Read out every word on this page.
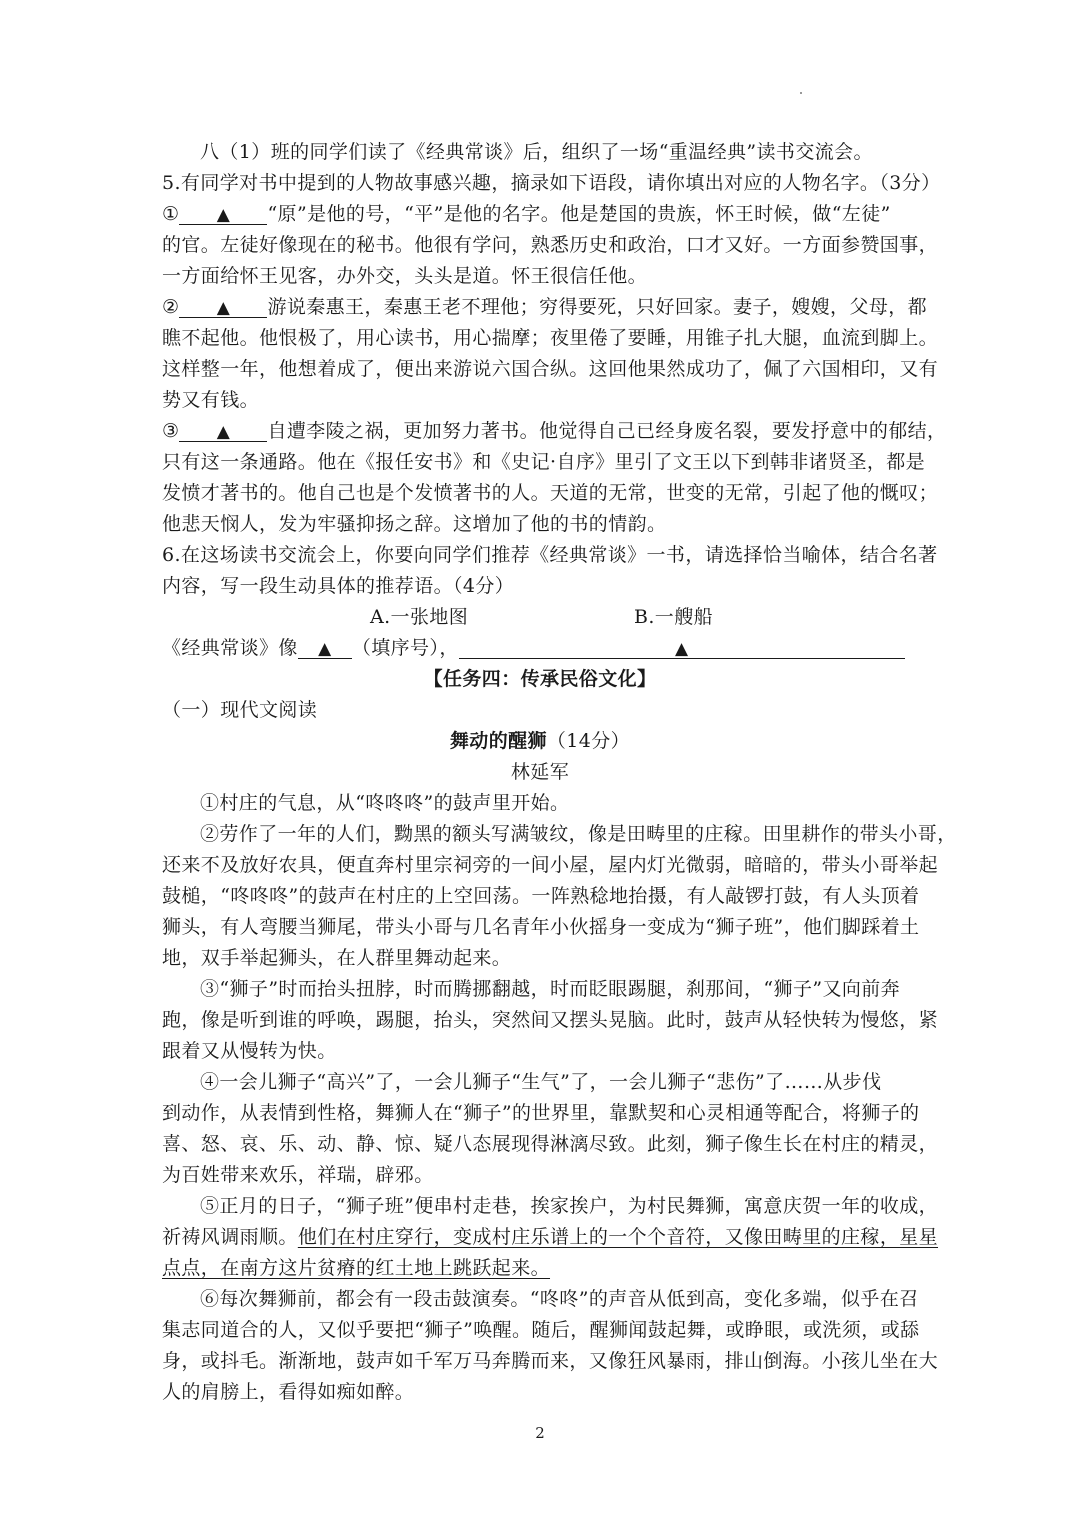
八（1）班的同学们读了《经典常谈》后，组织了一场“重温经典”读书交流会。
5.有同学对书中提到的人物故事感兴趣，摘录如下语段，请你填出对应的人物名字。（3分）
① ▲ “原”是他的号，“平”是他的名字。他是楚国的贵族，怀王时候，做“左徒”
的官。左徒好像现在的秘书。他很有学问，熟悉历史和政治，口才又好。一方面参赞国事，
一方面给怀王见客，办外交，头头是道。怀王很信任他。
② ▲ 游说秦惠王，秦惠王老不理他；穷得要死，只好回家。妻子，嫂嫂，父母，都
瞧不起他。他恨极了，用心读书，用心揣摩；夜里倦了要睡，用锥子扎大腿，血流到脚上。
这样整一年，他想着成了，便出来游说六国合纵。这回他果然成功了，佩了六国相印，又有
势又有钱。
③ ▲ 自遭李陵之祸，更加努力著书。他觉得自己已经身废名裂，要发抒意中的郁结，
只有这一条通路。他在《报任安书》和《史记·自序》里引了文王以下到韩非诸贤圣，都是
发愤才著书的。他自己也是个发愤著书的人。天道的无常，世变的无常，引起了他的慨叹；
他悲天悯人，发为牢骚抑扬之辞。这增加了他的书的情韵。
6.在这场读书交流会上，你要向同学们推荐《经典常谈》一书，请选择恰当喻体，结合名著
内容，写一段生动具体的推荐语。（4分）
A.一张地图	B.一艘船
《经典常谈》像 ▲ （填序号），	▲
【任务四：传承民俗文化】
（一）现代文阅读
舞动的醒狮（14分）
林延军
①村庄的气息，从“咚咚咚”的鼓声里开始。
②劳作了一年的人们，黝黑的额头写满皱纹，像是田畴里的庄稼。田里耕作的带头小哥，
还来不及放好农具，便直奔村里宗祠旁的一间小屋，屋内灯光微弱，暗暗的，带头小哥举起
鼓槌，“咚咚咚”的鼓声在村庄的上空回荡。一阵熟稔地抬摄，有人敲锣打鼓，有人头顶着
狮头，有人弯腰当狮尾，带头小哥与几名青年小伙摇身一变成为“狮子班”，他们脚踩着土
地，双手举起狮头，在人群里舞动起来。
③“狮子”时而抬头扭脖，时而腾挪翻越，时而眨眼踢腿，刹那间，“狮子”又向前奔
跑，像是听到谁的呼唤，踢腿，抬头，突然间又摆头晃脑。此时，鼓声从轻快转为慢悠，紧
跟着又从慢转为快。
④一会儿狮子“高兴”了，一会儿狮子“生气”了，一会儿狮子“悲伤”了……从步伐
到动作，从表情到性格，舞狮人在“狮子”的世界里，靠默契和心灵相通等配合，将狮子的
喜、怒、哀、乐、动、静、惊、疑八态展现得淋漓尽致。此刻，狮子像生长在村庄的精灵，
为百姓带来欢乐，祥瑞，辟邪。
⑤正月的日子，“狮子班”便串村走巷，挨家挨户，为村民舞狮，寓意庆贺一年的收成，
祈祷风调雨顺。他们在村庄穿行，变成村庄乐谱上的一个个音符，又像田畴里的庄稼，星星
点点，在南方这片贫瘠的红土地上跳跃起来。
⑥每次舞狮前，都会有一段击鼓演奏。“咚咚”的声音从低到高，变化多端，似乎在召
集志同道合的人，又似乎要把“狮子”唤醒。随后，醒狮闻鼓起舞，或睁眼，或洗须，或舔
身，或抖毛。渐渐地，鼓声如千军万马奔腾而来，又像狂风暴雨，排山倒海。小孩儿坐在大
人的肩膀上，看得如痴如醉。
2
